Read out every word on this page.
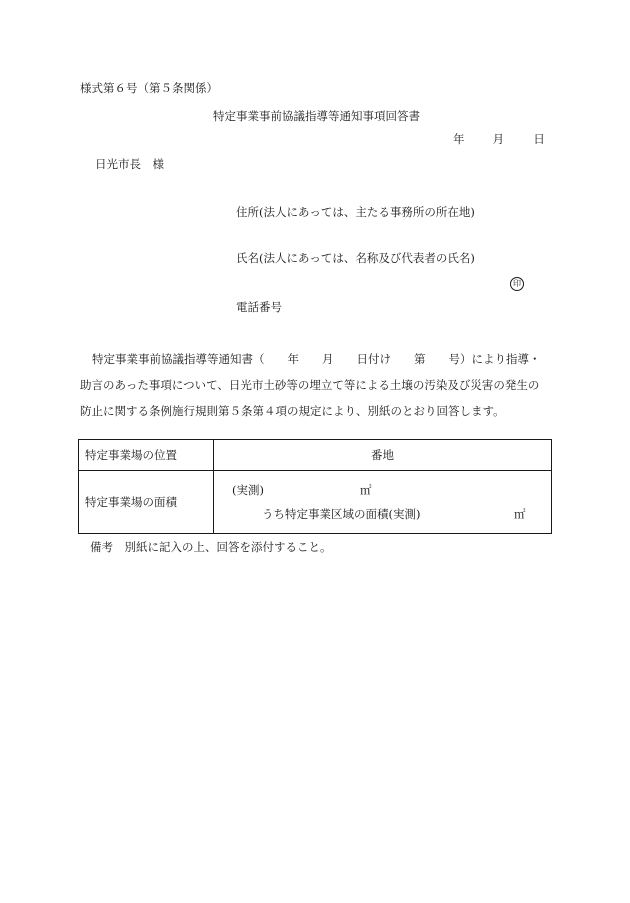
様式第６号（第５条関係）
特定事業事前協議指導等通知事項回答書
年 月	日
日光市長　様
住所(法人にあっては、主たる事務所の所在地)
氏名(法人にあっては、名称及び代表者の氏名)
印
電話番号
特定事業事前協議指導等通知書（　　年　　月　　日付け　　第　　号）により指導・
助言のあった事項について、日光市土砂等の埋立て等による土壌の汚染及び災害の発生の
防止に関する条例施行規則第５条第４項の規定により、別紙のとおり回答します。
特定事業場の位置	番地
特定事業場の面積	(実測) ㎡
うち特定事業区域の面積(実測) ㎡
備考　別紙に記入の上、回答を添付すること。
